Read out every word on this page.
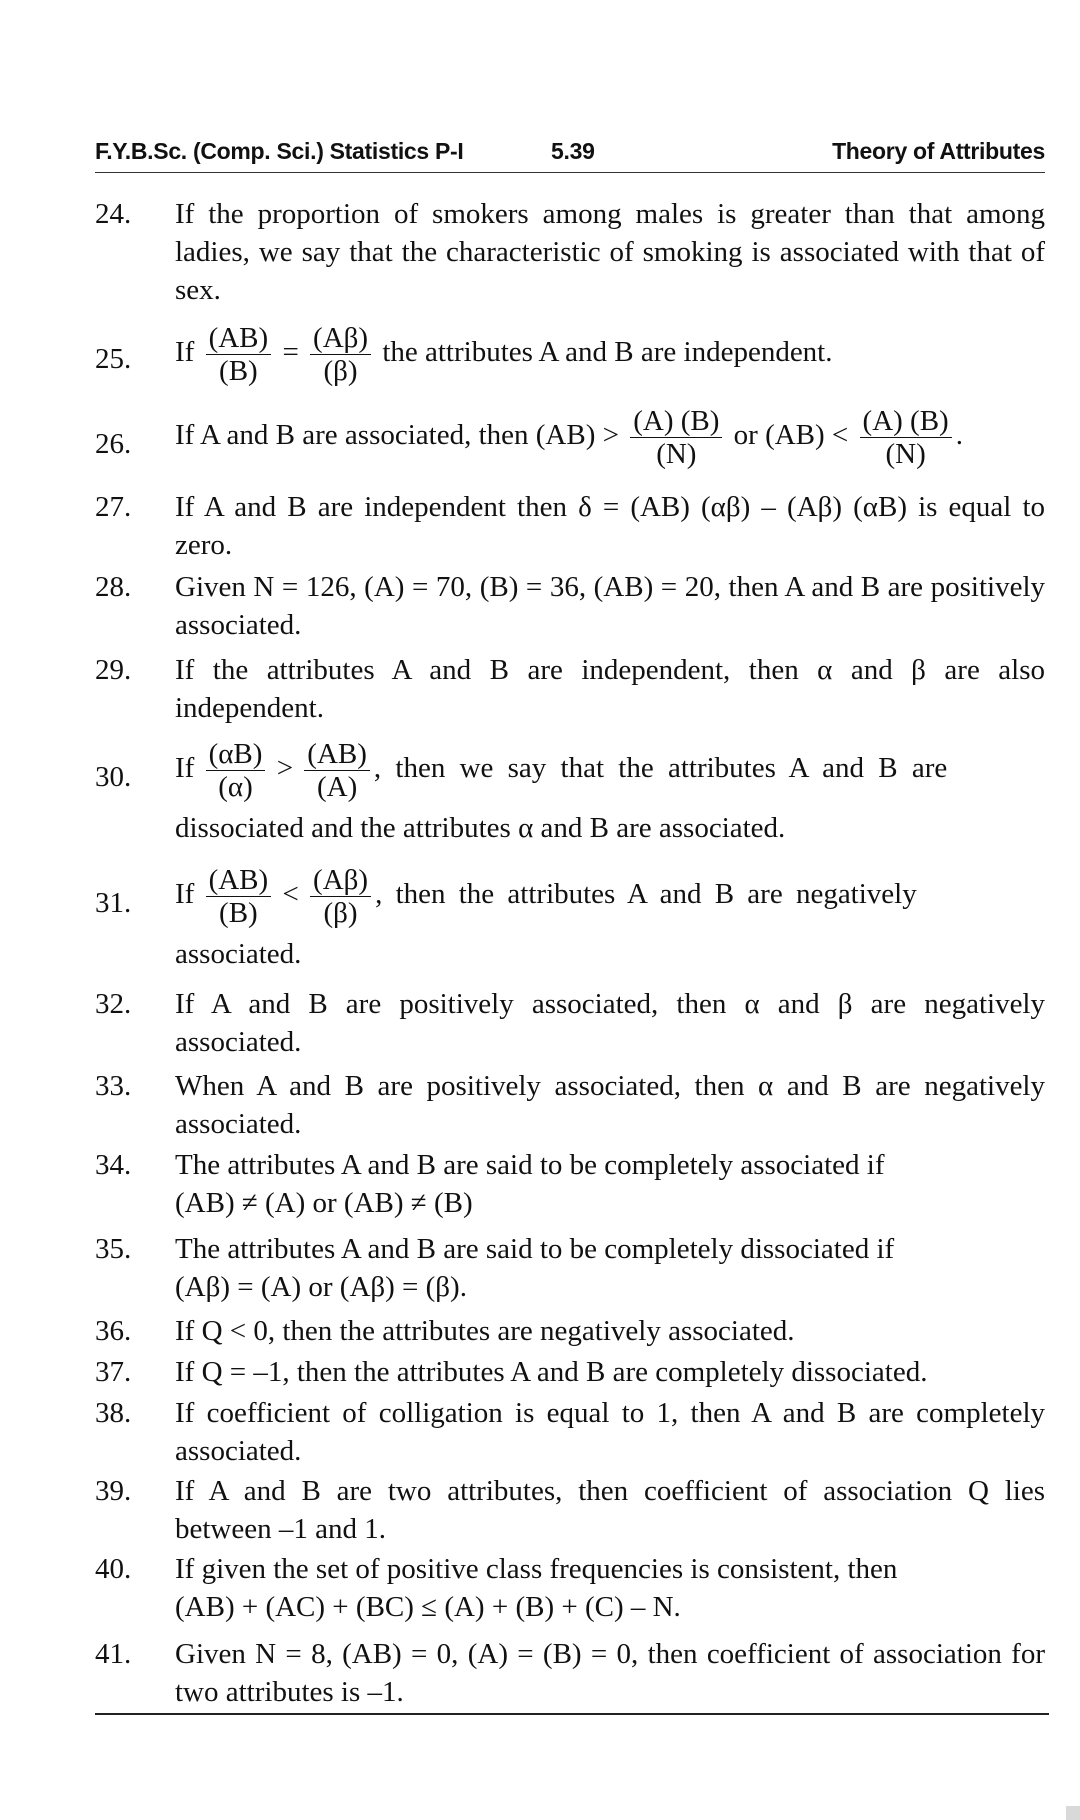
F.Y.B.Sc. (Comp. Sci.) Statistics P-I	5.39	Theory of Attributes
24. If the proportion of smokers among males is greater than that among ladies, we say that the characteristic of smoking is associated with that of sex.
25. If $\frac{(AB)}{(B)} = \frac{(A\beta)}{(\beta)}$ the attributes A and B are independent.
26. If A and B are associated, then $(AB) > \frac{(A) (B)}{(N)}$ or $(AB) < \frac{(A) (B)}{(N)}$ .
27. If A and B are independent then δ = (AB) (αβ) – (Aβ) (αB) is equal to zero.
28. Given N = 126, (A) = 70, (B) = 36, (AB) = 20, then A and B are positively associated.
29. If the attributes A and B are independent, then α and β are also independent.
30. If $\frac{(\alpha B)}{(\alpha)} > \frac{(AB)}{(A)}$ , then we say that the attributes A and B are
dissociated and the attributes α and B are associated.
31. If $\frac{(AB)}{(B)} < \frac{(A\beta)}{(\beta)}$ , then the attributes A and B are negatively
associated.
32. If A and B are positively associated, then α and β are negatively associated.
33. When A and B are positively associated, then α and B are negatively associated.
34. The attributes A and B are said to be completely associated if
(AB) ≠ (A) or (AB) ≠ (B)
35. The attributes A and B are said to be completely dissociated if
(Aβ) = (A) or (Aβ) = (β).
36. If Q < 0, then the attributes are negatively associated.
37. If Q = –1, then the attributes A and B are completely dissociated.
38. If coefficient of colligation is equal to 1, then A and B are completely associated.
39. If A and B are two attributes, then coefficient of association Q lies between –1 and 1.
40. If given the set of positive class frequencies is consistent, then
(AB) + (AC) + (BC) ≤ (A) + (B) + (C) – N.
41. Given N = 8, (AB) = 0, (A) = (B) = 0, then coefficient of association for two attributes is –1.
